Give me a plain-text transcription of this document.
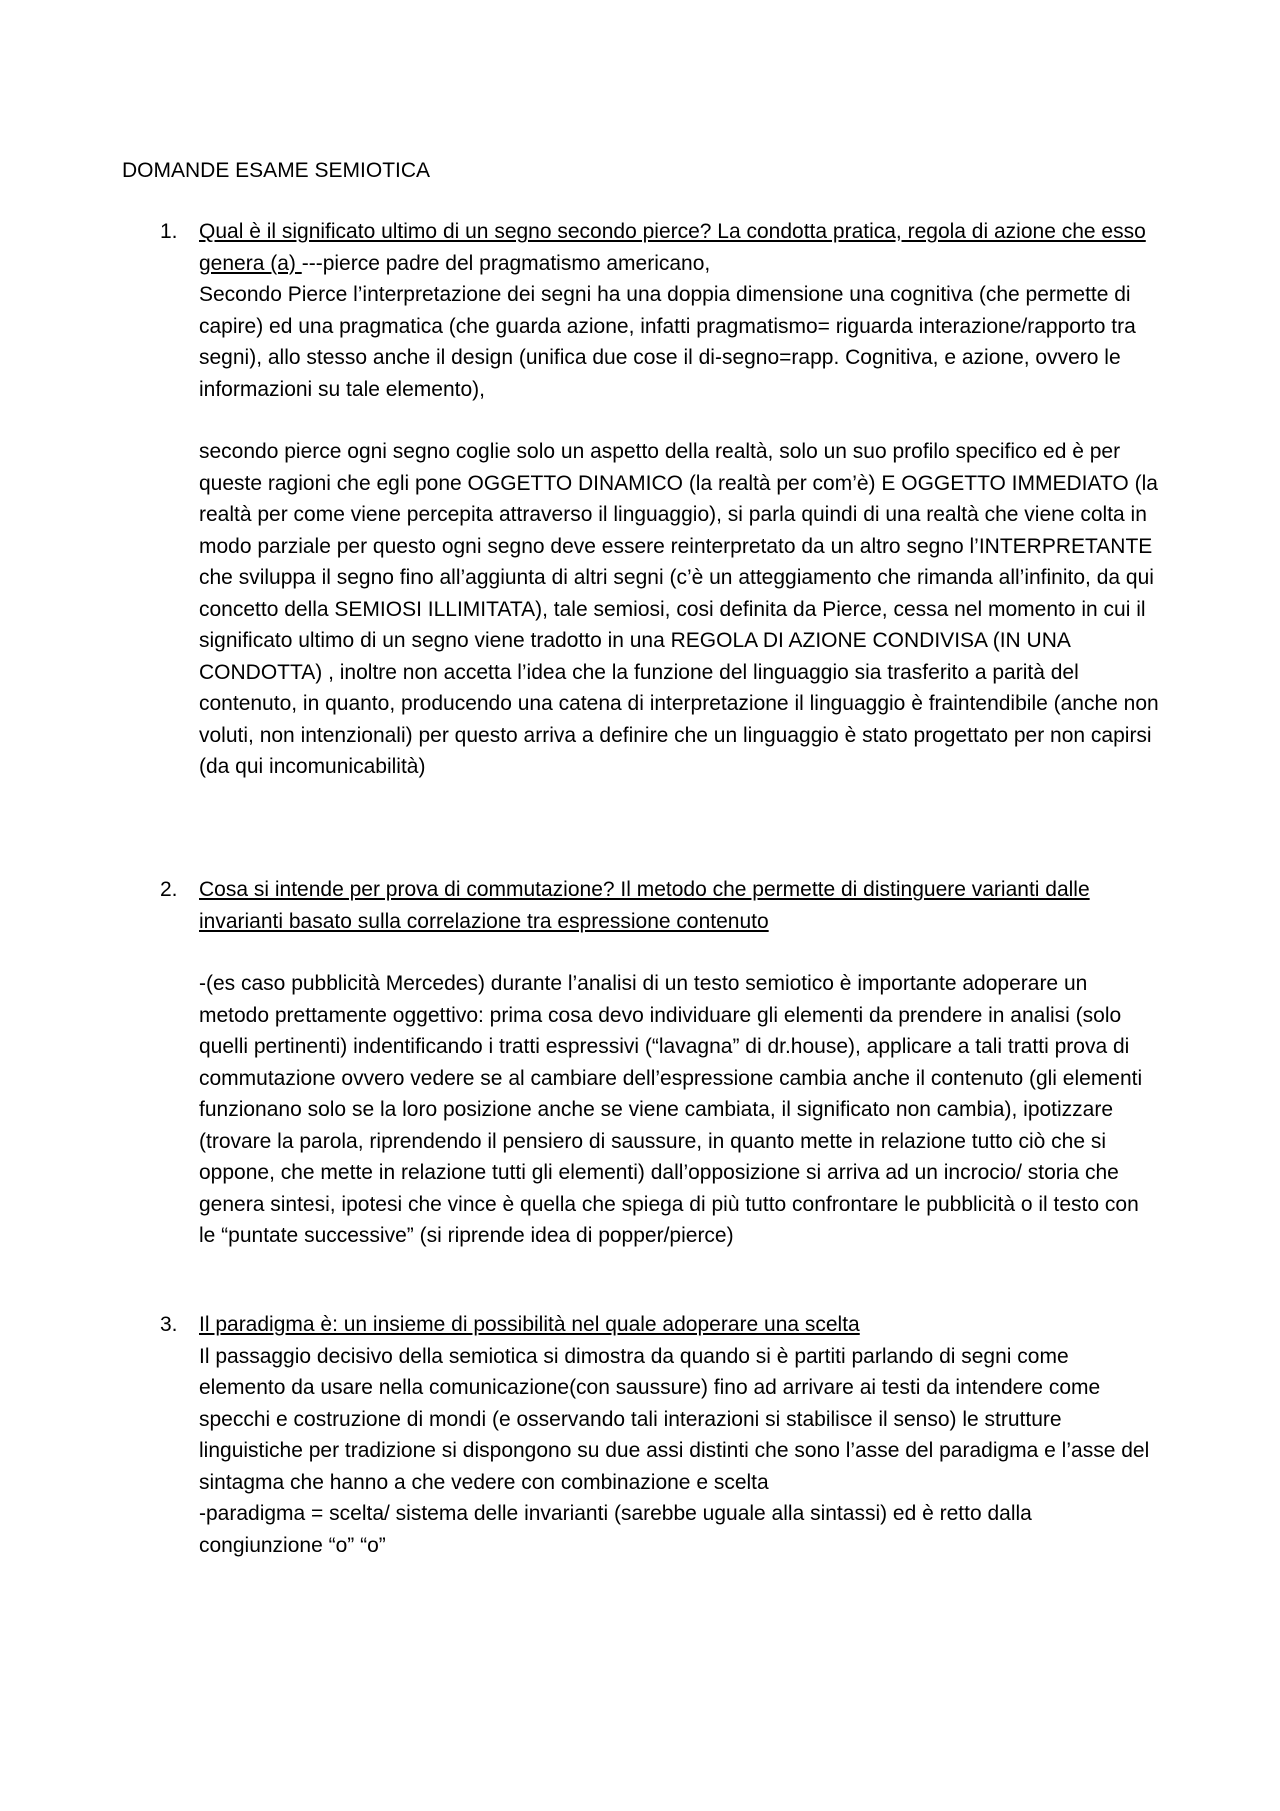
DOMANDE ESAME SEMIOTICA
1.	Qual è il significato ultimo di un segno secondo pierce? La condotta pratica, regola di azione che esso genera (a) ---pierce padre del pragmatismo americano,

Secondo Pierce l’interpretazione dei segni ha una doppia dimensione una cognitiva (che permette di capire) ed una pragmatica (che guarda azione, infatti pragmatismo= riguarda interazione/rapporto tra segni), allo stesso anche il design (unifica due cose il di-segno=rapp. Cognitiva, e azione, ovvero le informazioni su tale elemento),

secondo pierce ogni segno coglie solo un aspetto della realtà, solo un suo profilo specifico ed è per queste ragioni che egli pone OGGETTO DINAMICO (la realtà per com’è) E OGGETTO IMMEDIATO (la realtà per come viene percepita attraverso il linguaggio), si parla quindi di una realtà che viene colta in modo parziale per questo ogni segno deve essere reinterpretato da un altro segno l’INTERPRETANTE che sviluppa il segno fino all’aggiunta di altri segni (c’è un atteggiamento che rimanda all’infinito, da qui concetto della SEMIOSI ILLIMITATA), tale semiosi, cosi definita da Pierce, cessa nel momento in cui il significato ultimo di un segno viene tradotto in una REGOLA DI AZIONE CONDIVISA (IN UNA CONDOTTA) , inoltre non accetta l’idea che la funzione del linguaggio sia trasferito a parità del contenuto, in quanto, producendo una catena di interpretazione il linguaggio è fraintendibile (anche non voluti, non intenzionali) per questo arriva a definire che un linguaggio è stato progettato per non capirsi (da qui incomunicabilità)

2.	Cosa si intende per prova di commutazione? Il metodo che permette di distinguere varianti dalle invarianti basato sulla correlazione tra espressione contenuto

-(es caso pubblicità Mercedes) durante l’analisi di un testo semiotico è importante adoperare un metodo prettamente oggettivo: prima cosa devo individuare gli elementi da prendere in analisi (solo quelli pertinenti) indentificando i tratti espressivi (“lavagna” di dr.house), applicare a tali tratti prova di commutazione ovvero vedere se al cambiare dell’espressione cambia anche il contenuto (gli elementi funzionano solo se la loro posizione anche se viene cambiata, il significato non cambia), ipotizzare (trovare la parola, riprendendo il pensiero di saussure, in quanto mette in relazione tutto ciò che si oppone, che mette in relazione tutti gli elementi) dall’opposizione si arriva ad un incrocio/ storia che genera sintesi, ipotesi che vince è quella che spiega di più tutto confrontare le pubblicità o il testo con le “puntate successive” (si riprende idea di popper/pierce)

3.	Il paradigma è: un insieme di possibilità nel quale adoperare una scelta

Il passaggio decisivo della semiotica si dimostra da quando si è partiti parlando di segni come elemento da usare nella comunicazione(con saussure) fino ad arrivare ai testi da intendere come specchi e costruzione di mondi (e osservando tali interazioni si stabilisce il senso) le strutture linguistiche per tradizione si dispongono su due assi distinti che sono l’asse del paradigma e l’asse del sintagma che hanno a che vedere con combinazione e scelta

-paradigma = scelta/ sistema delle invarianti (sarebbe uguale alla sintassi) ed è retto dalla congiunzione “o” “o”
